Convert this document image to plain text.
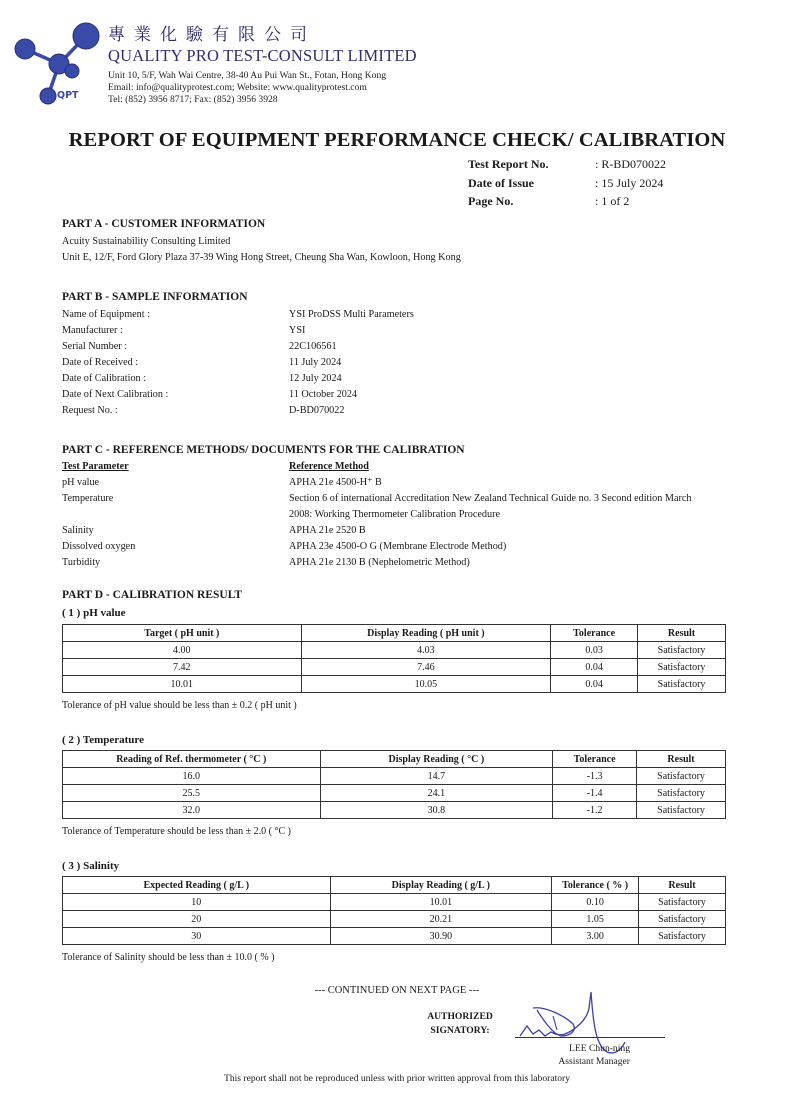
QPT
專業化驗有限公司
QUALITY PRO TEST-CONSULT LIMITED
Unit 10, 5/F, Wah Wai Centre, 38-40 Au Pui Wan St., Fotan, Hong Kong
Email: info@qualityprotest.com; Website: www.qualityprotest.com
Tel: (852) 3956 8717; Fax: (852) 3956 3928
REPORT OF EQUIPMENT PERFORMANCE CHECK/ CALIBRATION
Test Report No.	: R-BD070022
Date of Issue	: 15 July 2024
Page No.	: 1 of 2
PART A - CUSTOMER INFORMATION
Acuity Sustainability Consulting Limited
Unit E, 12/F, Ford Glory Plaza 37-39 Wing Hong Street, Cheung Sha Wan, Kowloon, Hong Kong
PART B - SAMPLE INFORMATION
Name of Equipment :	YSI ProDSS Multi Parameters
Manufacturer :	YSI
Serial Number :	22C106561
Date of Received :	11 July 2024
Date of Calibration :	12 July 2024
Date of Next Calibration :	11 October 2024
Request No. :	D-BD070022
PART C - REFERENCE METHODS/ DOCUMENTS FOR THE CALIBRATION
Test Parameter	Reference Method
pH value	APHA 21e 4500-H⁺ B
Temperature	Section 6 of international Accreditation New Zealand Technical Guide no. 3 Second edition March
2008: Working Thermometer Calibration Procedure
Salinity	APHA 21e 2520 B
Dissolved oxygen	APHA 23e 4500-O G (Membrane Electrode Method)
Turbidity	APHA 21e 2130 B (Nephelometric Method)
PART D - CALIBRATION RESULT
( 1 ) pH value
Target ( pH unit )	Display Reading ( pH unit )	Tolerance	Result
4.00	4.03	0.03	Satisfactory
7.42	7.46	0.04	Satisfactory
10.01	10.05	0.04	Satisfactory
Tolerance of pH value should be less than ± 0.2 ( pH unit )
( 2 ) Temperature
Reading of Ref. thermometer ( °C )	Display Reading ( °C )	Tolerance	Result
16.0	14.7	-1.3	Satisfactory
25.5	24.1	-1.4	Satisfactory
32.0	30.8	-1.2	Satisfactory
Tolerance of Temperature should be less than ± 2.0 ( °C )
( 3 ) Salinity
Expected Reading ( g/L )	Display Reading ( g/L )	Tolerance ( % )	Result
10	10.01	0.10	Satisfactory
20	20.21	1.05	Satisfactory
30	30.90	3.00	Satisfactory
Tolerance of Salinity should be less than ± 10.0 ( % )
--- CONTINUED ON NEXT PAGE ---
AUTHORIZED
SIGNATORY:
LEE Chun-ning
Assistant Manager
This report shall not be reproduced unless with prior written approval from this laboratory
